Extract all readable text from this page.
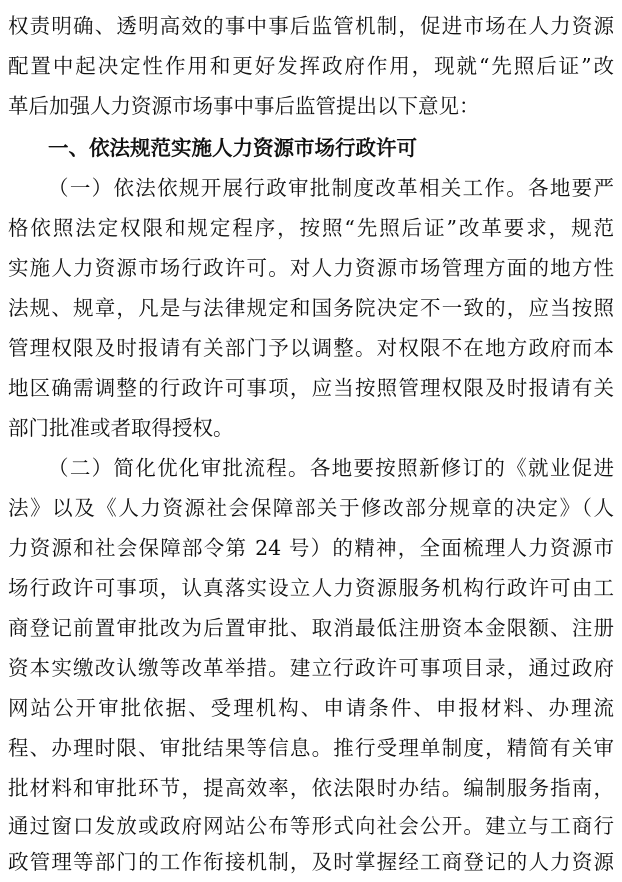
权责明确、透明高效的事中事后监管机制，促进市场在人力资源
配置中起决定性作用和更好发挥政府作用，现就“先照后证”改
革后加强人力资源市场事中事后监管提出以下意见：
一、依法规范实施人力资源市场行政许可
（一）依法依规开展行政审批制度改革相关工作。各地要严
格依照法定权限和规定程序，按照“先照后证”改革要求，规范
实施人力资源市场行政许可。对人力资源市场管理方面的地方性
法规、规章，凡是与法律规定和国务院决定不一致的，应当按照
管理权限及时报请有关部门予以调整。对权限不在地方政府而本
地区确需调整的行政许可事项，应当按照管理权限及时报请有关
部门批准或者取得授权。
（二）简化优化审批流程。各地要按照新修订的《就业促进
法》以及《人力资源社会保障部关于修改部分规章的决定》（人
力资源和社会保障部令第 24 号）的精神，全面梳理人力资源市
场行政许可事项，认真落实设立人力资源服务机构行政许可由工
商登记前置审批改为后置审批、取消最低注册资本金限额、注册
资本实缴改认缴等改革举措。建立行政许可事项目录，通过政府
网站公开审批依据、受理机构、申请条件、申报材料、办理流
程、办理时限、审批结果等信息。推行受理单制度，精简有关审
批材料和审批环节，提高效率，依法限时办结。编制服务指南，
通过窗口发放或政府网站公布等形式向社会公开。建立与工商行
政管理等部门的工作衔接机制，及时掌握经工商登记的人力资源
